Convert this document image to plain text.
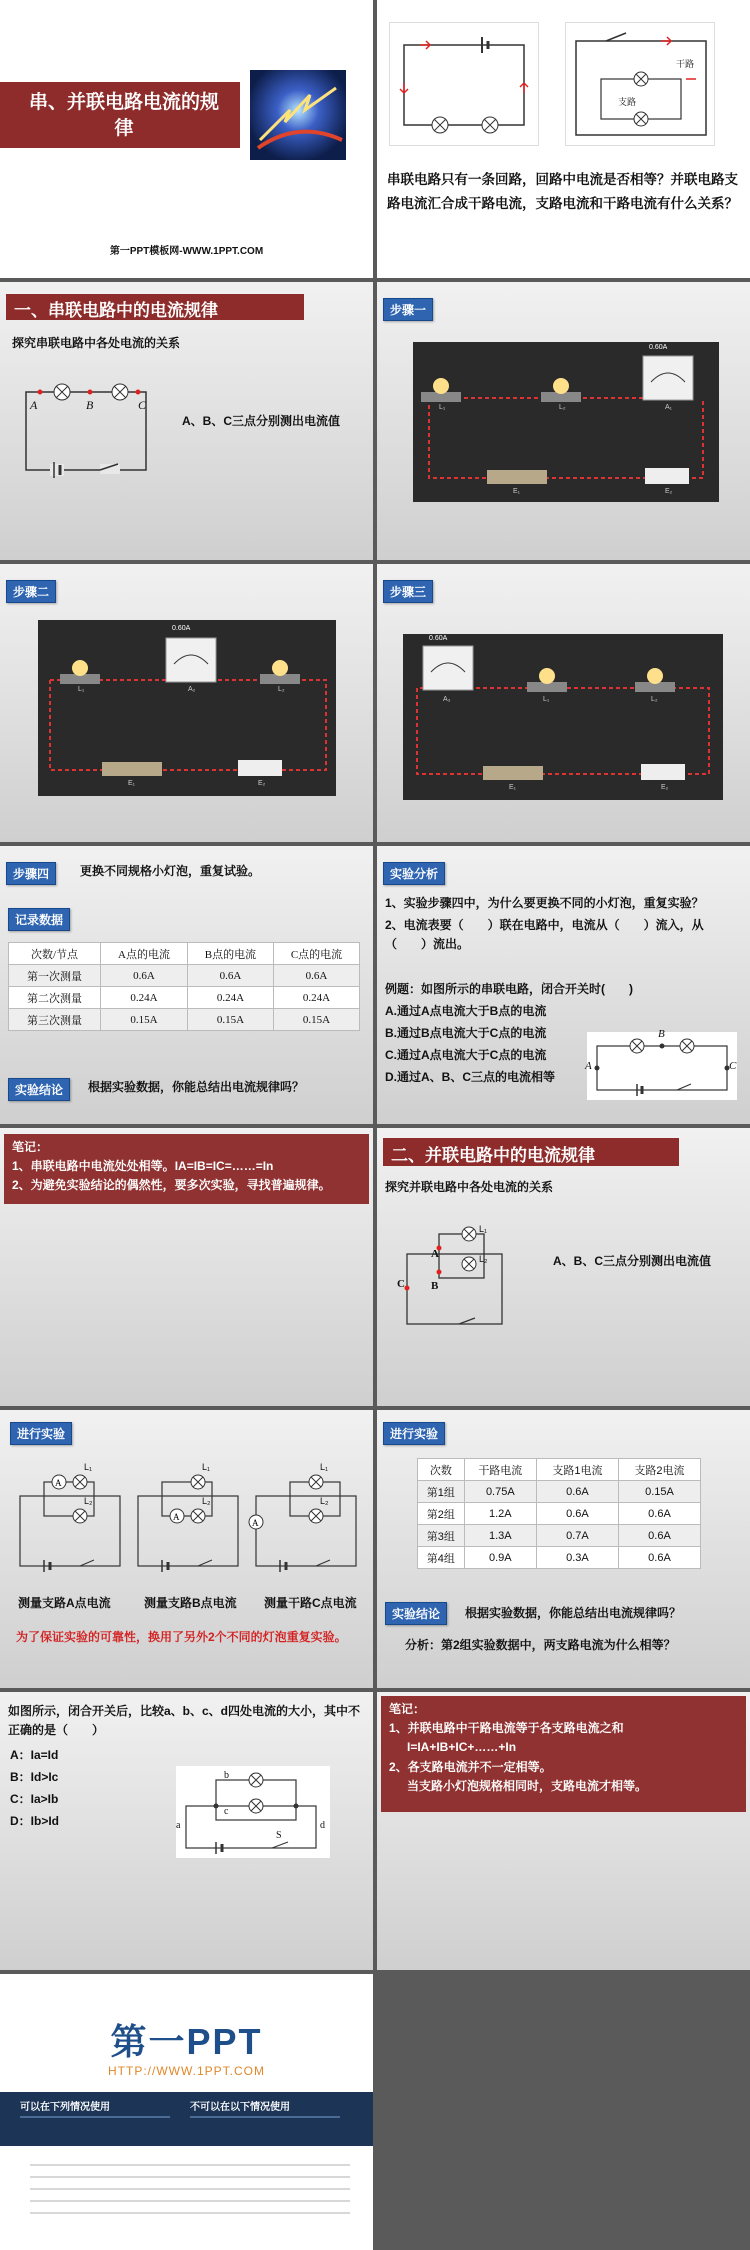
串、并联电路电流的规律
第一PPT模板网-WWW.1PPT.COM
干路
支路
串联电路只有一条回路，回路中电流是否相等？并联电路支路电流汇合成干路电流，支路电流和干路电流有什么关系？
一、串联电路中的电流规律
探究串联电路中各处电流的关系
A	B	C
A、B、C三点分别测出电流值
步骤一
0.60A
L₁	L₂	A₁
E₁	E₂
步骤二
0.60A
L₁	A₂	L₂
E₁	E₂
步骤三
0.60A
A₃	L₁	L₂
E₁	E₂
步骤四	更换不同规格小灯泡，重复试验。
记录数据
次数/节点	A点的电流	B点的电流	C点的电流
第一次测量	0.6A	0.6A	0.6A
第二次测量	0.24A	0.24A	0.24A
第三次测量	0.15A	0.15A	0.15A
实验结论	根据实验数据，你能总结出电流规律吗？
实验分析
1、实验步骤四中，为什么要更换不同的小灯泡，重复实验？
2、电流表要（　　）联在电路中，电流从（　　）流入，从（　　）流出。
例题：如图所示的串联电路，闭合开关时(　　)
A.通过A点电流大于B点的电流
B.通过B点电流大于C点的电流
C.通过A点电流大于C点的电流
D.通过A、B、C三点的电流相等
A
B
C
笔记：
1、串联电路中电流处处相等。IA=IB=IC=……=In
2、为避免实验结论的偶然性，要多次实验，寻找普遍规律。
二、并联电路中的电流规律
探究并联电路中各处电流的关系
A
B
C
L₁
L₂	A、B、C三点分别测出电流值
进行实验
A
A
A
L₁
L₂
L₁
L₂
L₁
L₂
测量支路A点电流	测量支路B点电流 测量干路C点电流
为了保证实验的可靠性，换用了另外2个不同的灯泡重复实验。
进行实验
次数	干路电流	支路1电流	支路2电流
第1组	0.75A	0.6A	0.15A
第2组	1.2A	0.6A	0.6A
第3组	1.3A	0.7A	0.6A
第4组	0.9A	0.3A	0.6A
实验结论	根据实验数据，你能总结出电流规律吗？
分析：第2组实验数据中，两支路电流为什么相等？
如图所示，闭合开关后，比较a、b、c、d四处电流的大小，其中不正确的是（　　）
A：Ia=Id
B：Id>Ic
C：Ia>Ib
D：Ib>Id	a
b
c
d
S
笔记：
1、并联电路中干路电流等于各支路电流之和
I=IA+IB+IC+……+In
2、各支路电流并不一定相等。
当支路小灯泡规格相同时，支路电流才相等。
第一PPT
HTTP://WWW.1PPT.COM
可以在下列情况使用	不可以在以下情况使用
